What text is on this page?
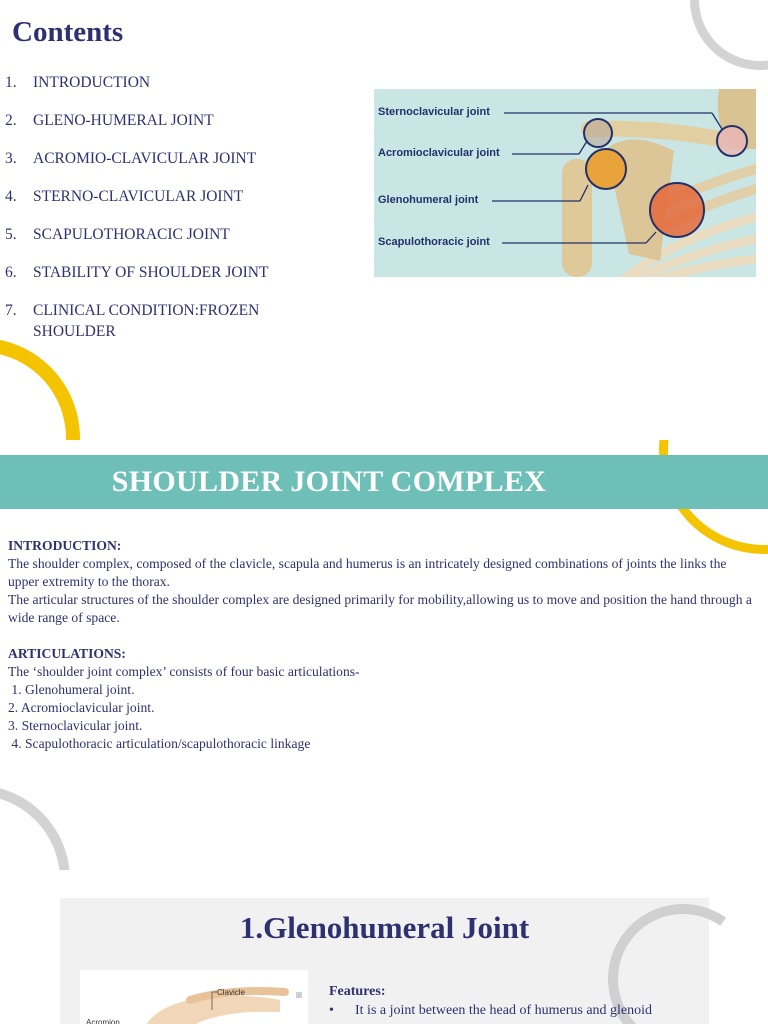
Contents
1.	INTRODUCTION
2.	GLENO-HUMERAL JOINT
3.	ACROMIO-CLAVICULAR JOINT
4.	STERNO-CLAVICULAR JOINT
5.	SCAPULOTHORACIC JOINT
6.	STABILITY OF SHOULDER JOINT
7.	CLINICAL CONDITION:FROZEN SHOULDER
Sternoclavicular joint
Acromioclavicular joint
Glenohumeral joint
Scapulothoracic joint
SHOULDER JOINT COMPLEX

INTRODUCTION:

The shoulder complex, composed of the clavicle, scapula and humerus is an intricately designed combinations of joints the links the upper extremity to the thorax.

The articular structures of the shoulder complex are designed primarily for mobility,allowing us to move and position the hand through a wide range of space.

ARTICULATIONS:

The ‘shoulder joint complex’ consists of four basic articulations-

1. Glenohumeral joint.

2. Acromioclavicular joint.

3. Sternoclavicular joint.

4. Scapulothoracic articulation/scapulothoracic linkage

1.Glenohumeral Joint
Clavicle
Acromion
Features:
•	It is a joint between the head of humerus and glenoid
